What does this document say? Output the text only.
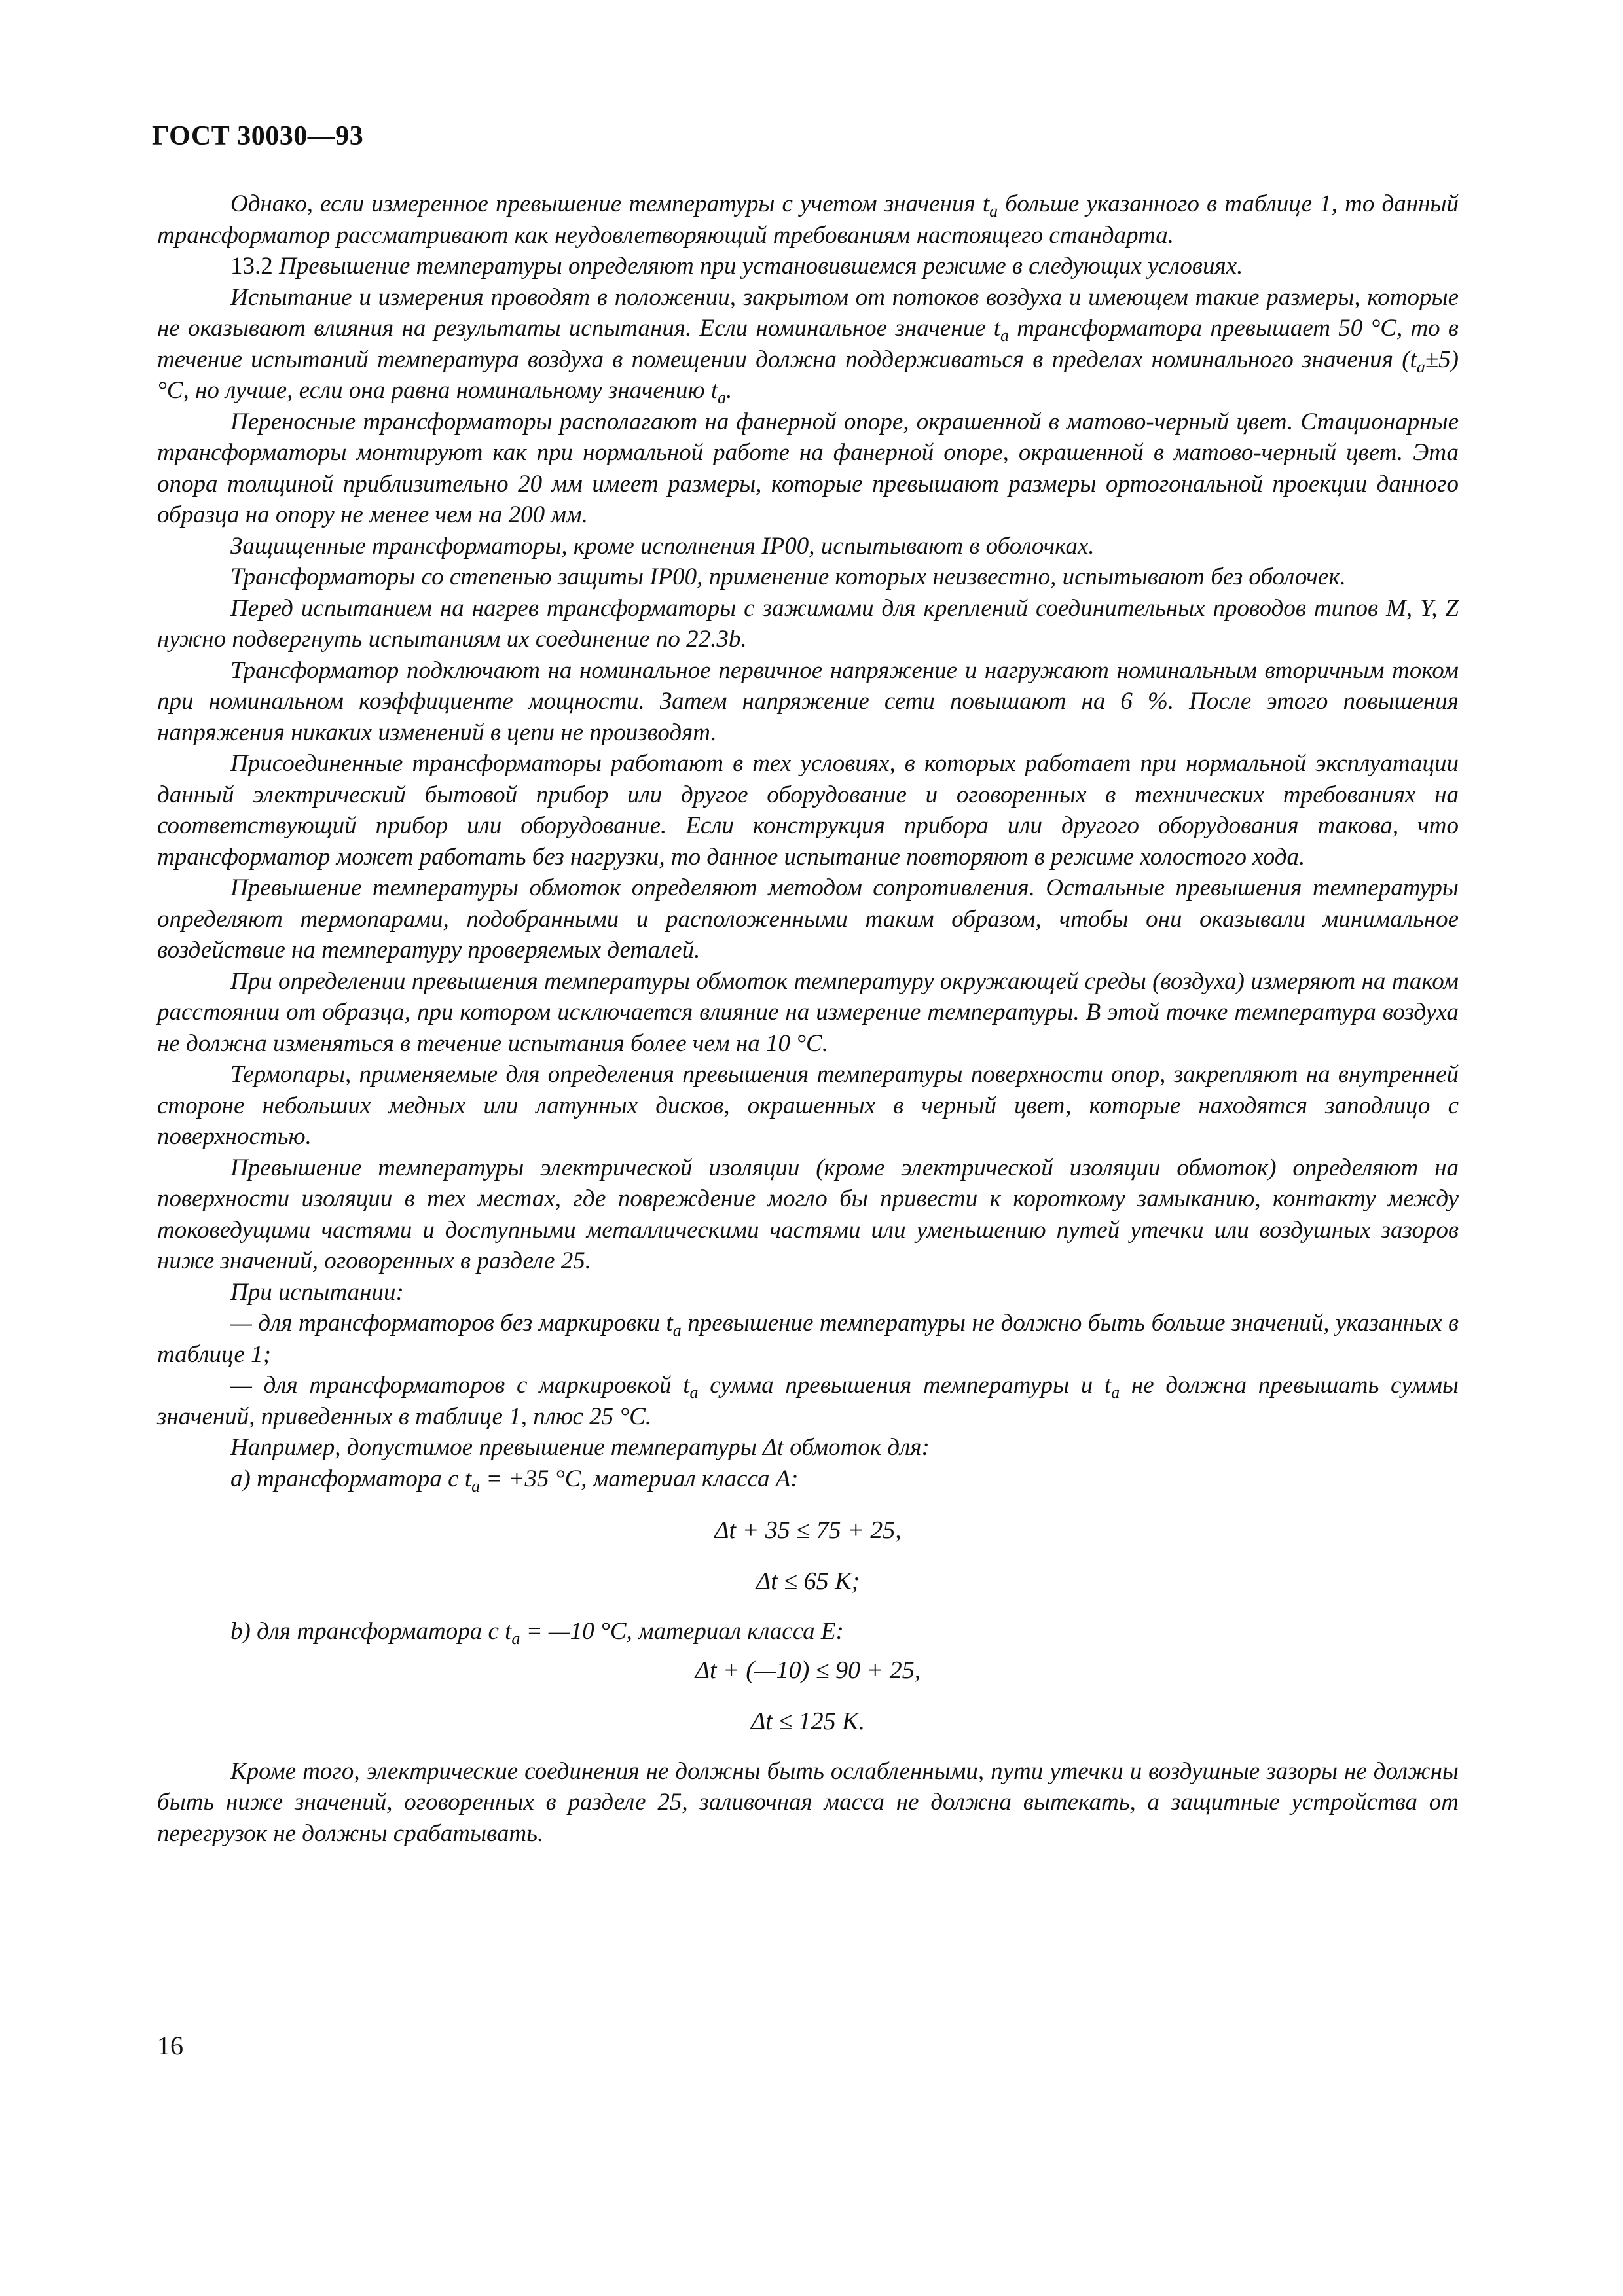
ГОСТ 30030—93

Однако, если измеренное превышение температуры с учетом значения $t_а$ больше указанного в таблице 1, то данный трансформатор рассматривают как неудовлетворяющий требованиям настоящего стандарта.

13.2 Превышение температуры определяют при установившемся режиме в следующих условиях.

Испытание и измерения проводят в положении, закрытом от потоков воздуха и имеющем такие размеры, которые не оказывают влияния на результаты испытания. Если номинальное значение $t_а$ трансформатора превышает 50 °С, то в течение испытаний температура воздуха в помещении должна поддерживаться в пределах номинального значения $(t_а\pm 5)$ °С, но лучше, если она равна номинальному значению $t_а$.

Переносные трансформаторы располагают на фанерной опоре, окрашенной в матово-черный цвет. Стационарные трансформаторы монтируют как при нормальной работе на фанерной опоре, окрашенной в матово-черный цвет. Эта опора толщиной приблизительно 20 мм имеет размеры, которые превышают размеры ортогональной проекции данного образца на опору не менее чем на 200 мм.

Защищенные трансформаторы, кроме исполнения IP00, испытывают в оболочках.

Трансформаторы со степенью защиты IP00, применение которых неизвестно, испытывают без оболочек.

Перед испытанием на нагрев трансформаторы с зажимами для креплений соединительных проводов типов М, Y, Z нужно подвергнуть испытаниям их соединение по 22.3b.

Трансформатор подключают на номинальное первичное напряжение и нагружают номинальным вторичным током при номинальном коэффициенте мощности. Затем напряжение сети повышают на 6 %. После этого повышения напряжения никаких изменений в цепи не производят.

Присоединенные трансформаторы работают в тех условиях, в которых работает при нормальной эксплуатации данный электрический бытовой прибор или другое оборудование и оговоренных в технических требованиях на соответствующий прибор или оборудование. Если конструкция прибора или другого оборудования такова, что трансформатор может работать без нагрузки, то данное испытание повторяют в режиме холостого хода.

Превышение температуры обмоток определяют методом сопротивления. Остальные превышения температуры определяют термопарами, подобранными и расположенными таким образом, чтобы они оказывали минимальное воздействие на температуру проверяемых деталей.

При определении превышения температуры обмоток температуру окружающей среды (воздуха) измеряют на таком расстоянии от образца, при котором исключается влияние на измерение температуры. В этой точке температура воздуха не должна изменяться в течение испытания более чем на 10 °С.

Термопары, применяемые для определения превышения температуры поверхности опор, закрепляют на внутренней стороне небольших медных или латунных дисков, окрашенных в черный цвет, которые находятся заподлицо с поверхностью.

Превышение температуры электрической изоляции (кроме электрической изоляции обмоток) определяют на поверхности изоляции в тех местах, где повреждение могло бы привести к короткому замыканию, контакту между токоведущими частями и доступными металлическими частями или уменьшению путей утечки или воздушных зазоров ниже значений, оговоренных в разделе 25.

При испытании:

— для трансформаторов без маркировки $t_а$ превышение температуры не должно быть больше значений, указанных в таблице 1;

— для трансформаторов с маркировкой $t_а$ сумма превышения температуры и $t_а$ не должна превышать суммы значений, приведенных в таблице 1, плюс 25 °С.

Например, допустимое превышение температуры Δt обмоток для:

а) трансформатора с $t_а = +35$ °С, материал класса А:

Δt + 35 ≤ 75 + 25,
Δt ≤ 65 K;

b) для трансформатора с $t_а$ = —10 °С, материал класса E:

Δt + (—10) ≤ 90 + 25,
Δt ≤ 125 K.

Кроме того, электрические соединения не должны быть ослабленными, пути утечки и воздушные зазоры не должны быть ниже значений, оговоренных в разделе 25, заливочная масса не должна вытекать, а защитные устройства от перегрузок не должны срабатывать.

16
